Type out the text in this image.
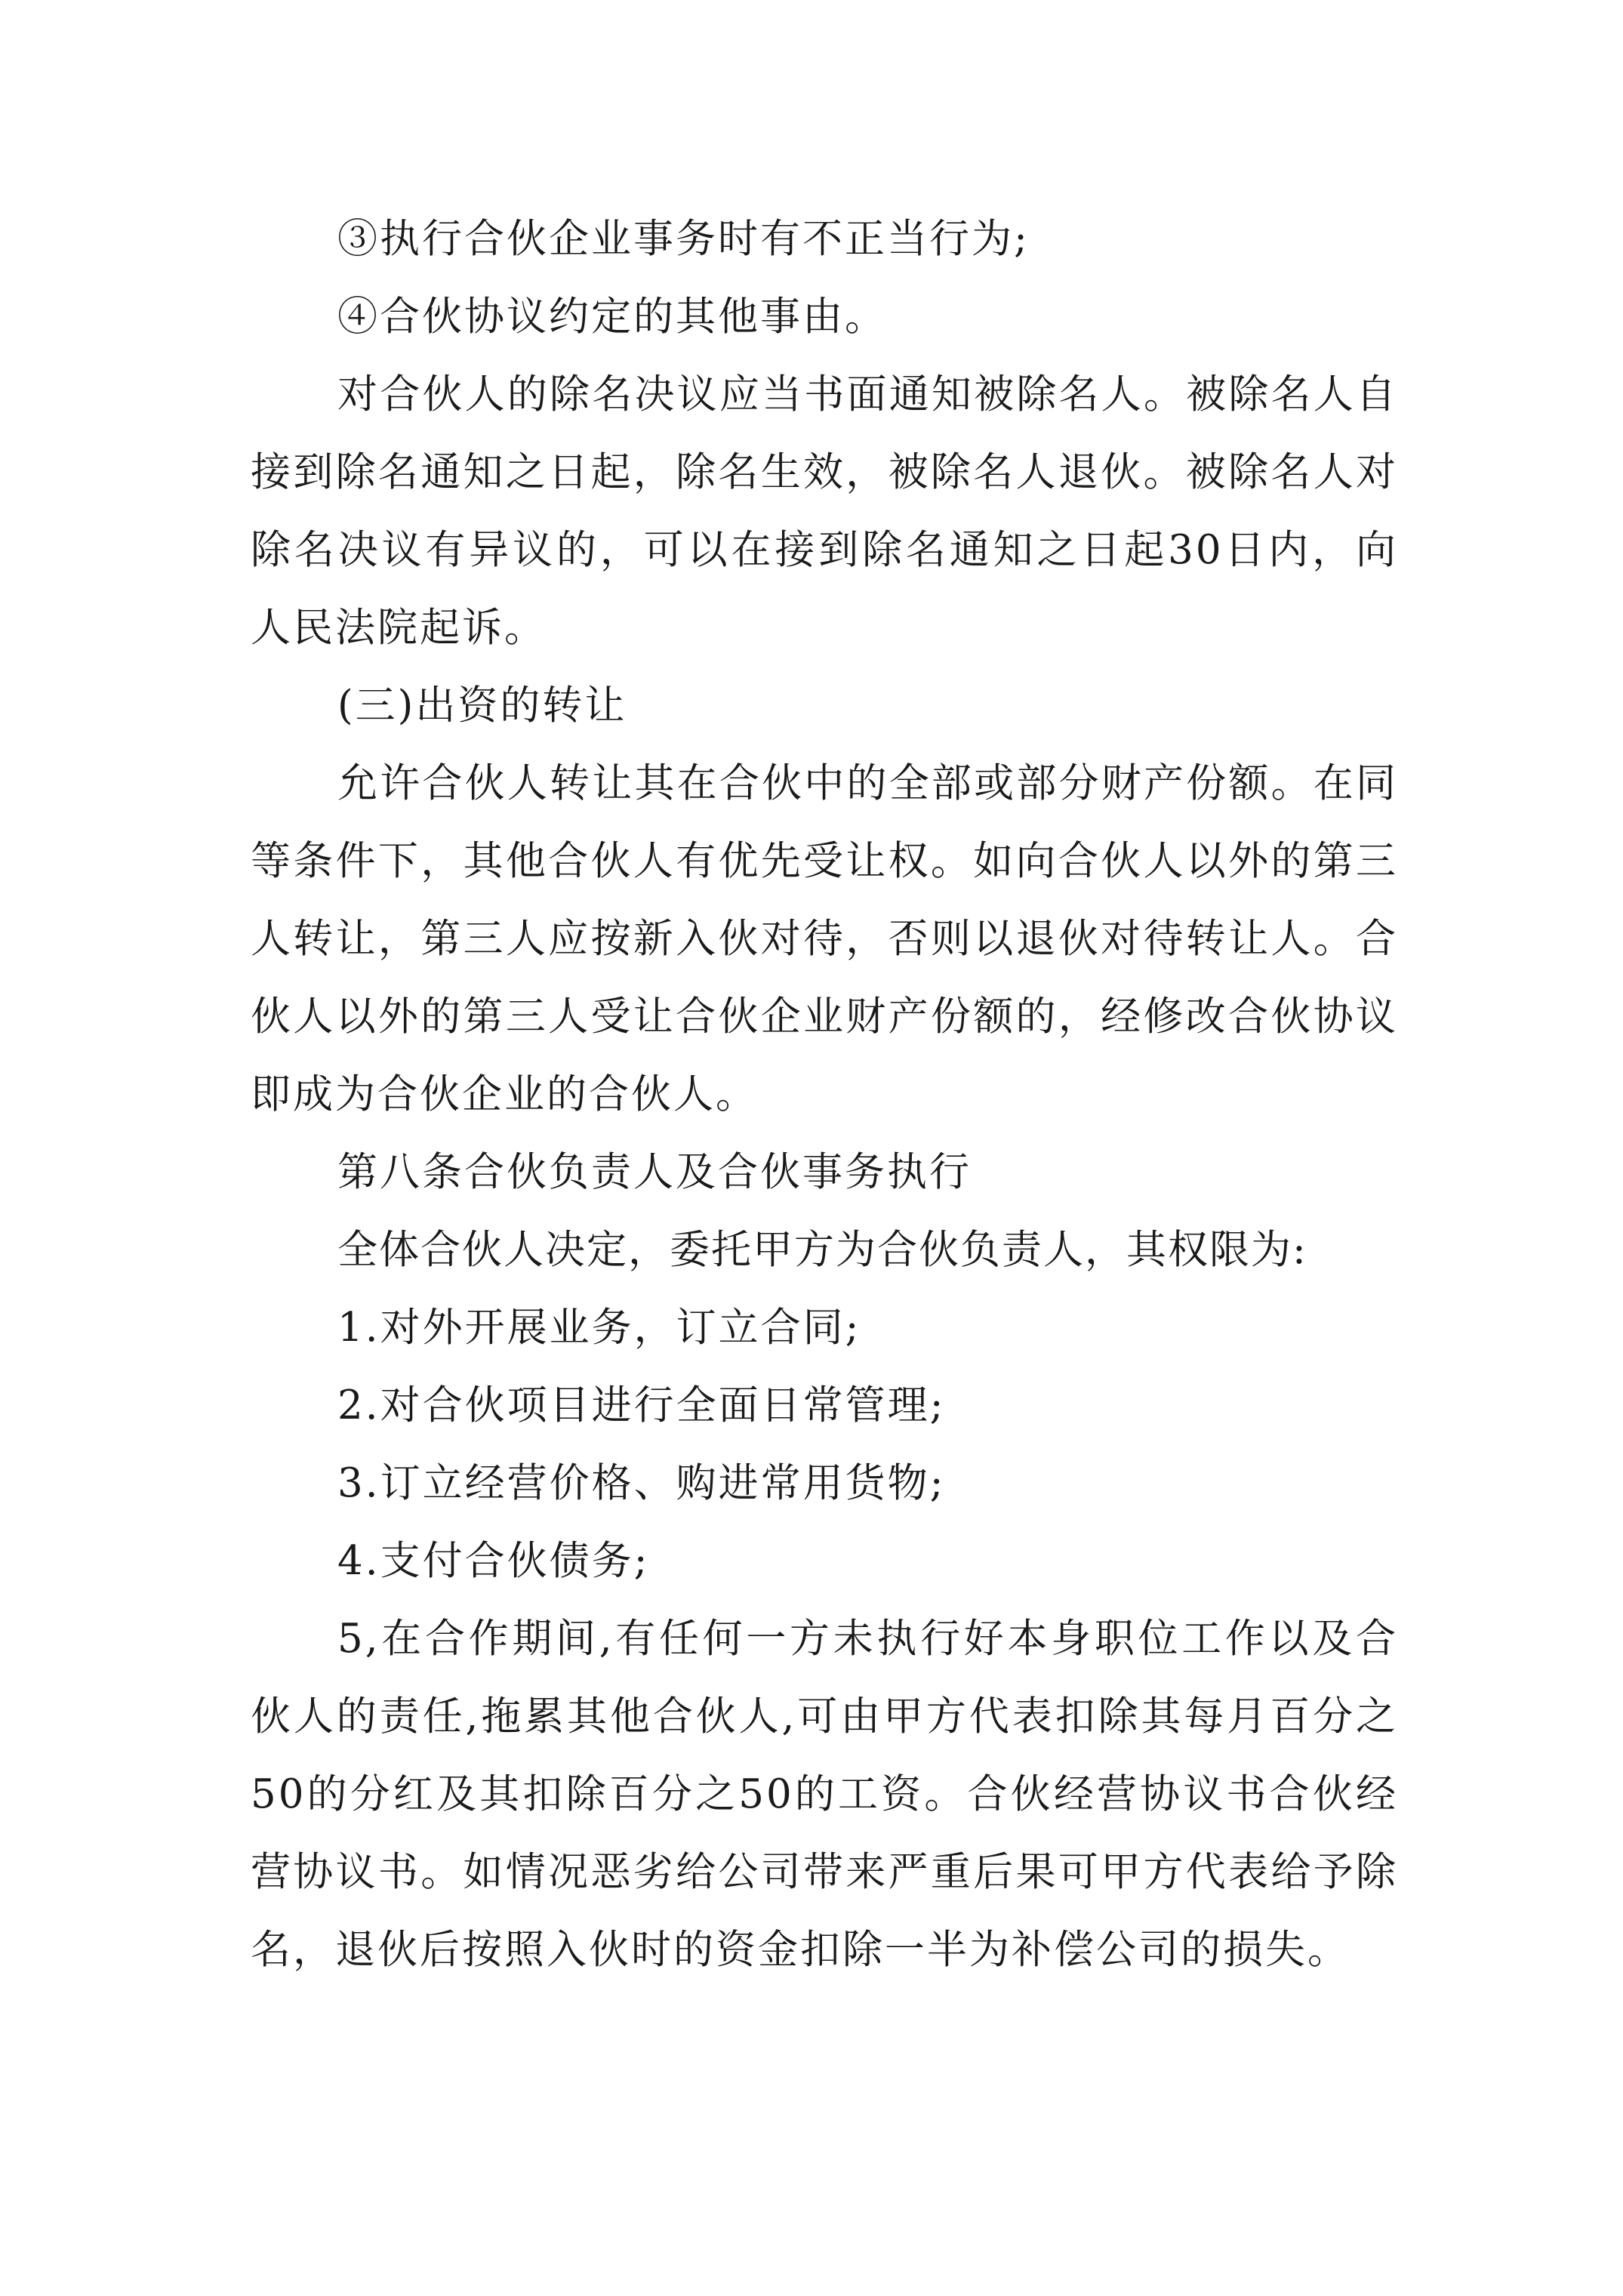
③执行合伙企业事务时有不正当行为;

④合伙协议约定的其他事由。

对合伙人的除名决议应当书面通知被除名人。被除名人自接到除名通知之日起，除名生效，被除名人退伙。被除名人对除名决议有异议的，可以在接到除名通知之日起30日内，向人民法院起诉。

(三)出资的转让

允许合伙人转让其在合伙中的全部或部分财产份额。在同等条件下，其他合伙人有优先受让权。如向合伙人以外的第三人转让，第三人应按新入伙对待，否则以退伙对待转让人。合伙人以外的第三人受让合伙企业财产份额的，经修改合伙协议即成为合伙企业的合伙人。

第八条合伙负责人及合伙事务执行

全体合伙人决定，委托甲方为合伙负责人，其权限为:

1.对外开展业务，订立合同;

2.对合伙项目进行全面日常管理;

3.订立经营价格、购进常用货物;

4.支付合伙债务;

5,在合作期间,有任何一方未执行好本身职位工作以及合伙人的责任,拖累其他合伙人,可由甲方代表扣除其每月百分之50的分红及其扣除百分之50的工资。合伙经营协议书合伙经营协议书。如情况恶劣给公司带来严重后果可甲方代表给予除名，退伙后按照入伙时的资金扣除一半为补偿公司的损失。
